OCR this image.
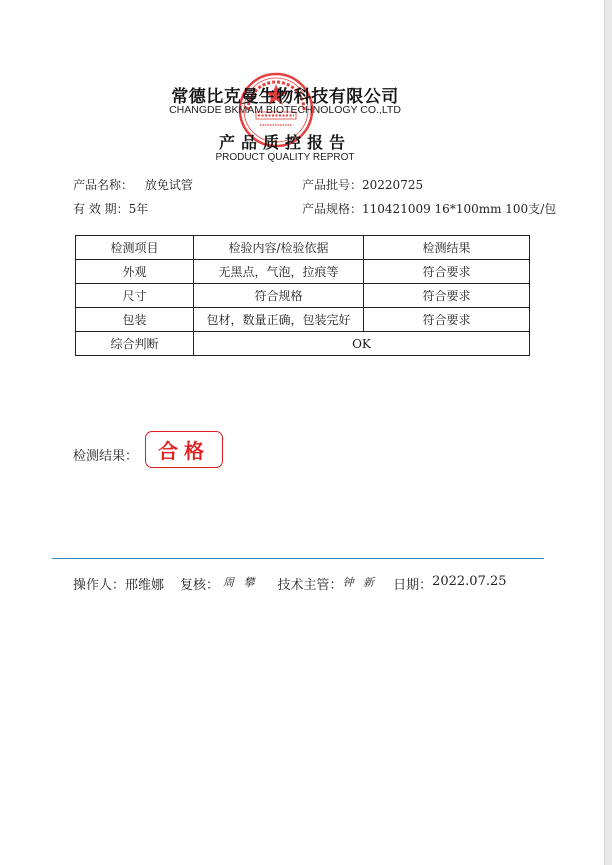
常德比克曼生物科技有限公司
CHANGDE BKMAM BIOTECHNOLOGY CO.,LTD
产品质控报告
PRODUCT QUALITY REPROT
产品名称： 放免试管	产品批号：20220725
有 效 期：5年	产品规格：110421009 16*100mm 100支/包
检测项目	检验内容/检验依据	检测结果
外观	无黑点，气泡，拉痕等	符合要求
尺寸	符合规格	符合要求
包装	包材，数量正确，包装完好	符合要求
综合判断	OK	
检测结果： 合格
操作人： 邢维娜 复核： 周 攀 技术主管： 钟 新 日期： 2022.07.25
